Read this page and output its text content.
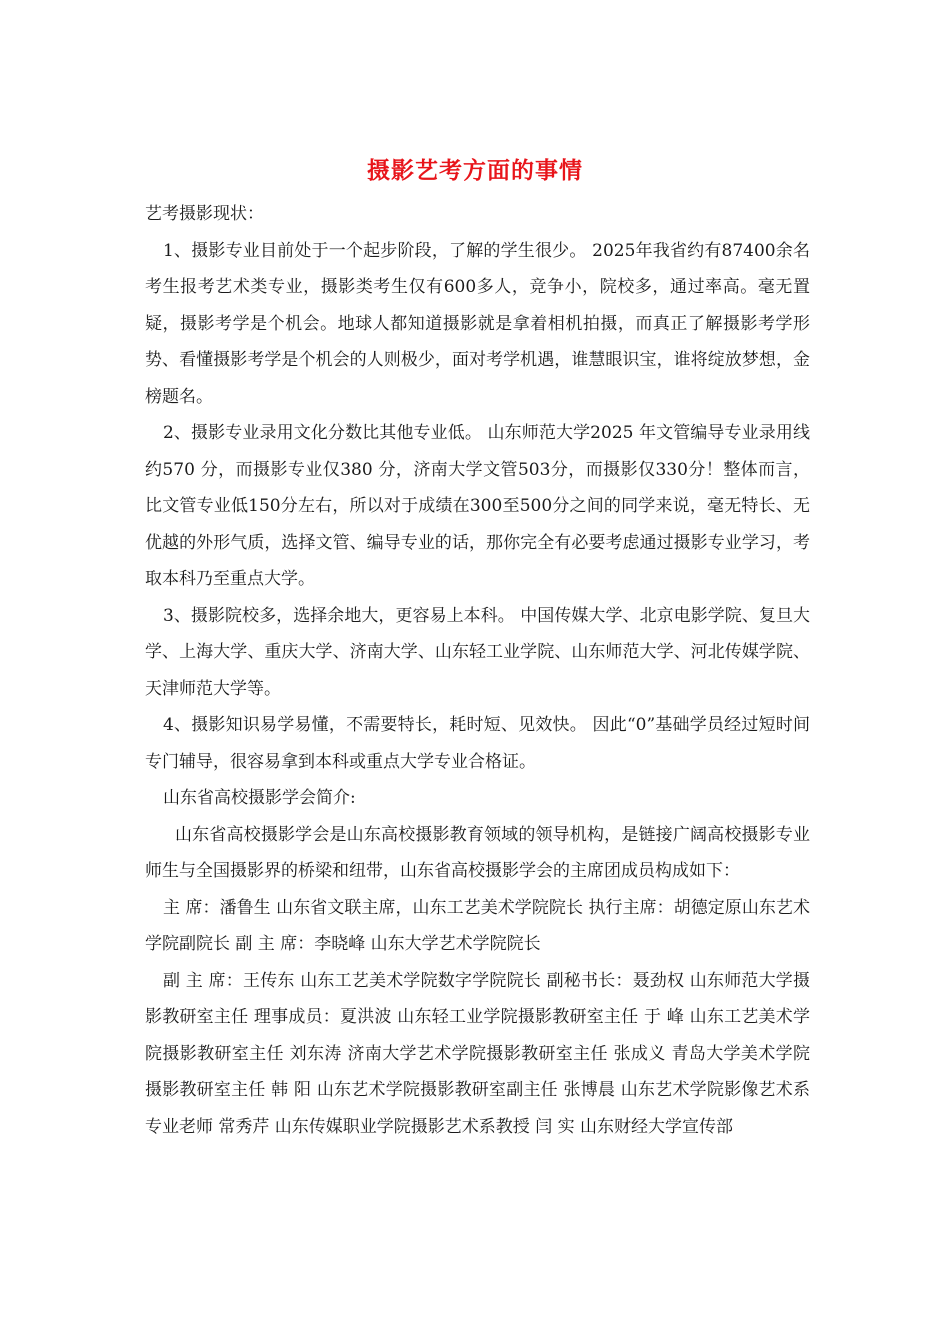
摄影艺考方面的事情

艺考摄影现状：

1、摄影专业目前处于一个起步阶段，了解的学生很少。 2025年我省约有87400余名考生报考艺术类专业，摄影类考生仅有600多人，竞争小，院校多，通过率高。毫无置疑，摄影考学是个机会。地球人都知道摄影就是拿着相机拍摄，而真正了解摄影考学形势、看懂摄影考学是个机会的人则极少，面对考学机遇，谁慧眼识宝，谁将绽放梦想，金榜题名。

2、摄影专业录用文化分数比其他专业低。 山东师范大学2025 年文管编导专业录用线约570 分，而摄影专业仅380 分，济南大学文管503分，而摄影仅330分！整体而言，比文管专业低150分左右，所以对于成绩在300至500分之间的同学来说，毫无特长、无优越的外形气质，选择文管、编导专业的话，那你完全有必要考虑通过摄影专业学习，考取本科乃至重点大学。

3、摄影院校多，选择余地大，更容易上本科。 中国传媒大学、北京电影学院、复旦大学、上海大学、重庆大学、济南大学、山东轻工业学院、山东师范大学、河北传媒学院、天津师范大学等。

4、摄影知识易学易懂，不需要特长，耗时短、见效快。 因此“0”基础学员经过短时间专门辅导，很容易拿到本科或重点大学专业合格证。

山东省高校摄影学会简介:

山东省高校摄影学会是山东高校摄影教育领域的领导机构，是链接广阔高校摄影专业师生与全国摄影界的桥梁和纽带，山东省高校摄影学会的主席团成员构成如下：

主 席：潘鲁生 山东省文联主席，山东工艺美术学院院长 执行主席：胡德定原山东艺术学院副院长 副 主 席：李晓峰 山东大学艺术学院院长

副 主 席：王传东 山东工艺美术学院数字学院院长 副秘书长：聂劲权 山东师范大学摄影教研室主任 理事成员：夏洪波 山东轻工业学院摄影教研室主任 于 峰 山东工艺美术学院摄影教研室主任 刘东涛 济南大学艺术学院摄影教研室主任 张成义 青岛大学美术学院摄影教研室主任 韩 阳 山东艺术学院摄影教研室副主任 张博晨 山东艺术学院影像艺术系专业老师 常秀芹 山东传媒职业学院摄影艺术系教授 闫 实 山东财经大学宣传部
